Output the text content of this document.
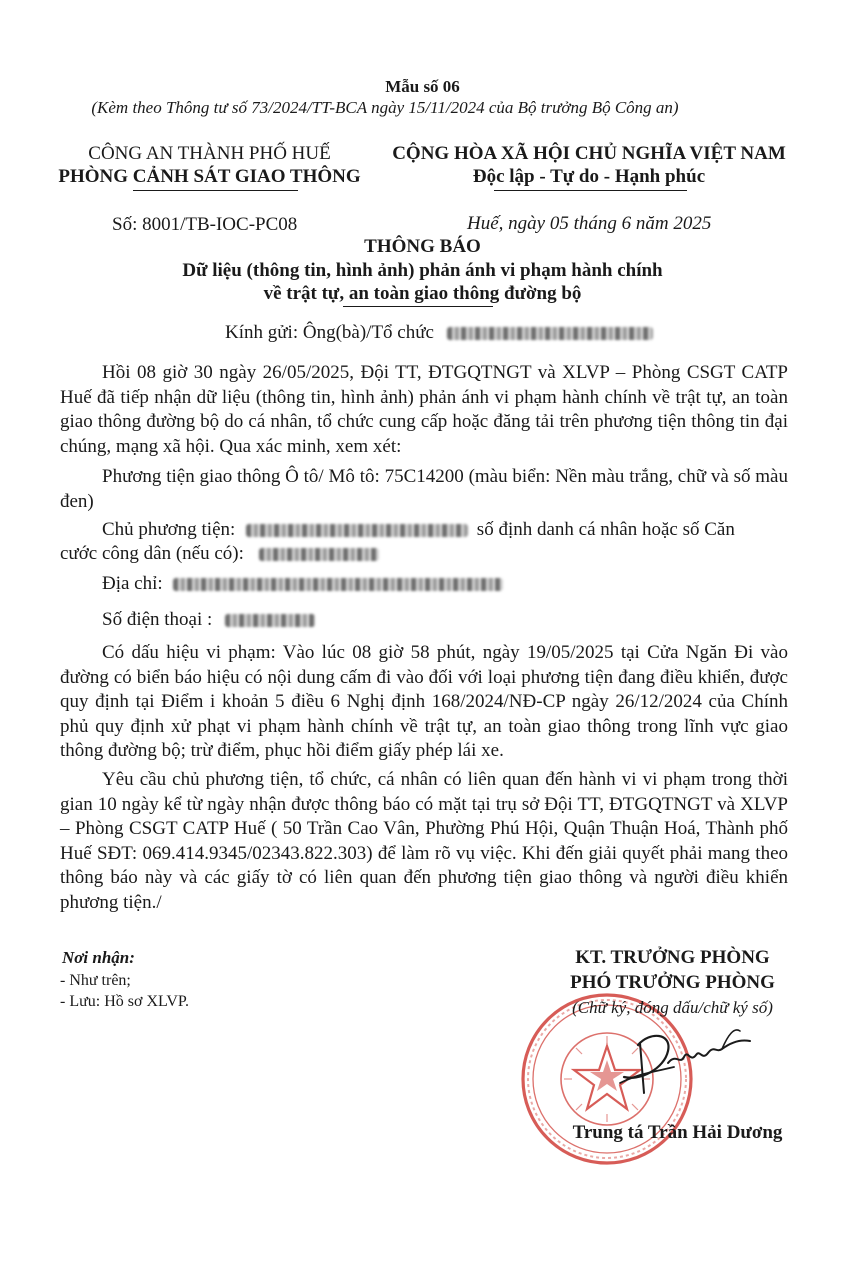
Mẫu số 06
(Kèm theo Thông tư số 73/2024/TT-BCA ngày 15/11/2024 của Bộ trưởng Bộ Công an)
CÔNG AN THÀNH PHỐ HUẾ
PHÒNG CẢNH SÁT GIAO THÔNG
CỘNG HÒA XÃ HỘI CHỦ NGHĨA VIỆT NAM
Độc lập - Tự do - Hạnh phúc
Số: 8001/TB-IOC-PC08	Huế, ngày 05 tháng 6 năm 2025
THÔNG BÁO
Dữ liệu (thông tin, hình ảnh) phản ánh vi phạm hành chính
về trật tự, an toàn giao thông đường bộ
Kính gửi: Ông(bà)/Tổ chức
Hồi 08 giờ 30 ngày 26/05/2025, Đội TT, ĐTGQTNGT và XLVP – Phòng CSGT CATP Huế đã tiếp nhận dữ liệu (thông tin, hình ảnh) phản ánh vi phạm hành chính về trật tự, an toàn giao thông đường bộ do cá nhân, tổ chức cung cấp hoặc đăng tải trên phương tiện thông tin đại chúng, mạng xã hội. Qua xác minh, xem xét:
Phương tiện giao thông Ô tô/ Mô tô: 75C14200 (màu biển: Nền màu trắng, chữ và số màu đen)
Chủ phương tiện:	số định danh cá nhân hoặc số Căn
cước công dân (nếu có):
Địa chỉ:
Số điện thoại :
Có dấu hiệu vi phạm: Vào lúc 08 giờ 58 phút, ngày 19/05/2025 tại Cửa Ngăn Đi vào đường có biển báo hiệu có nội dung cấm đi vào đối với loại phương tiện đang điều khiển, được quy định tại Điểm i khoản 5 điều 6 Nghị định 168/2024/NĐ-CP ngày 26/12/2024 của Chính phủ quy định xử phạt vi phạm hành chính về trật tự, an toàn giao thông trong lĩnh vực giao thông đường bộ; trừ điểm, phục hồi điểm giấy phép lái xe.
Yêu cầu chủ phương tiện, tổ chức, cá nhân có liên quan đến hành vi vi phạm trong thời gian 10 ngày kể từ ngày nhận được thông báo có mặt tại trụ sở Đội TT, ĐTGQTNGT và XLVP – Phòng CSGT CATP Huế ( 50 Trần Cao Vân, Phường Phú Hội, Quận Thuận Hoá, Thành phố Huế SĐT: 069.414.9345/02343.822.303) để làm rõ vụ việc. Khi đến giải quyết phải mang theo thông báo này và các giấy tờ có liên quan đến phương tiện giao thông và người điều khiển phương tiện./
Nơi nhận:
- Như trên;
- Lưu: Hồ sơ XLVP.
KT. TRƯỞNG PHÒNG
PHÓ TRƯỞNG PHÒNG
(Chữ ký, đóng dấu/chữ ký số)
Trung tá Trần Hải Dương
